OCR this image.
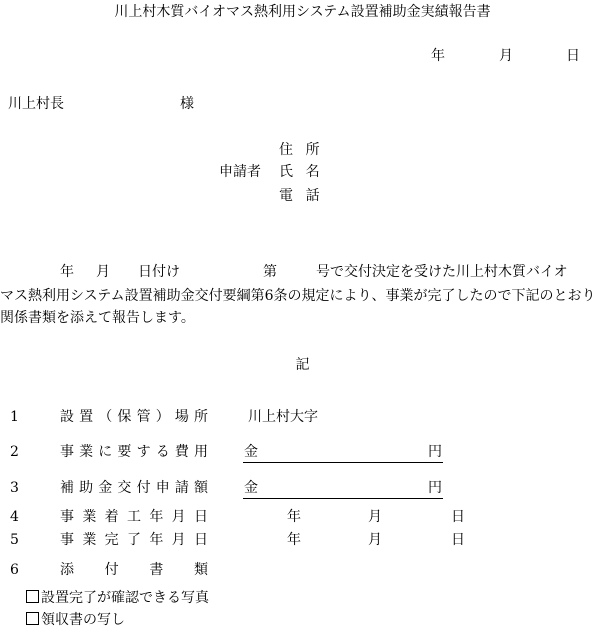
川上村木質バイオマス熱利用システム設置補助金実績報告書
年	月	日
川上村長	様
住所
申請者 氏名
電話
年 月 日付け	第	号で交付決定を受けた川上村木質バイオ
マス熱利用システム設置補助金交付要綱第6条の規定により、事業が完了したので下記のとおり関係書類を添えて報告します。
記
1	設置（保管）場所	川上村大字
2	事業に要する費用	金	円
3	補助金交付申請額	金	円
4	事業着工年月日	年	月	日
5	事業完了年月日	年	月	日
6	添付書類
設置完了が確認できる写真
領収書の写し
